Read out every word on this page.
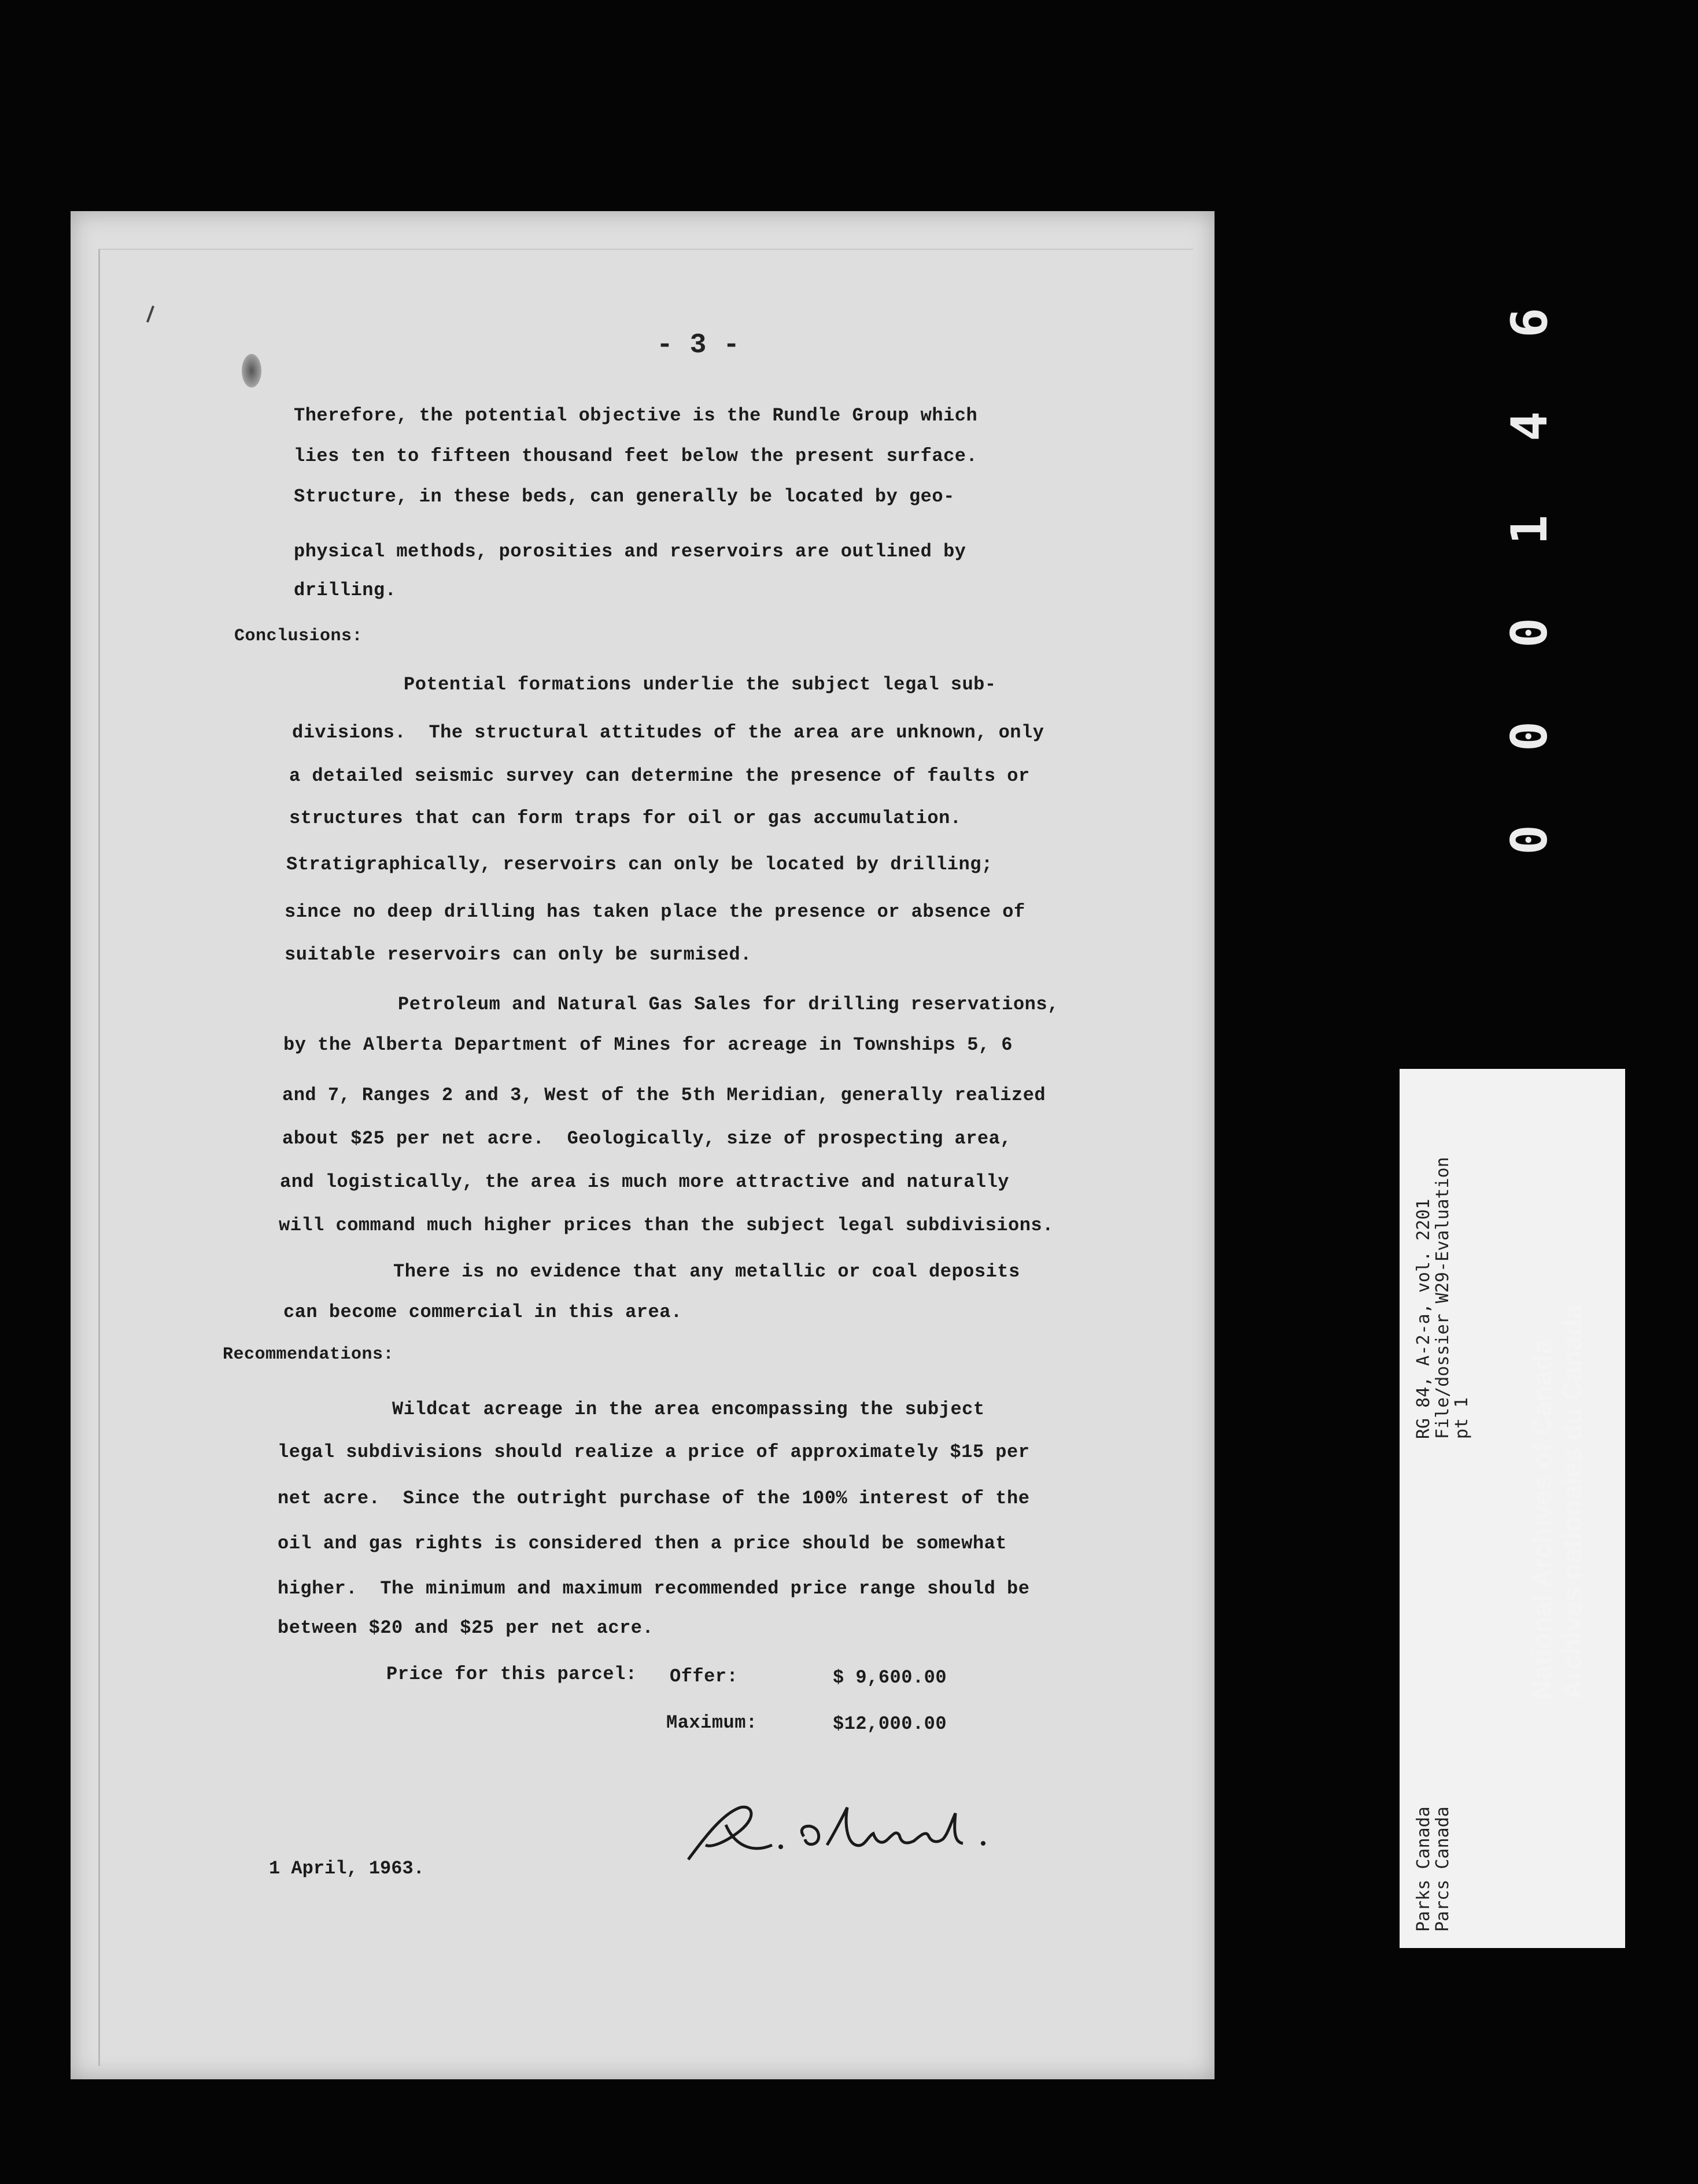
- 3 -
Therefore, the potential objective is the Rundle Group which
lies ten to fifteen thousand feet below the present surface.
Structure, in these beds, can generally be located by geo-
physical methods, porosities and reservoirs are outlined by
drilling.
Conclusions:
Potential formations underlie the subject legal sub-
divisions.  The structural attitudes of the area are unknown, only
a detailed seismic survey can determine the presence of faults or
structures that can form traps for oil or gas accumulation.
Stratigraphically, reservoirs can only be located by drilling;
since no deep drilling has taken place the presence or absence of
suitable reservoirs can only be surmised.
Petroleum and Natural Gas Sales for drilling reservations,
by the Alberta Department of Mines for acreage in Townships 5, 6
and 7, Ranges 2 and 3, West of the 5th Meridian, generally realized
about $25 per net acre.  Geologically, size of prospecting area,
and logistically, the area is much more attractive and naturally
will command much higher prices than the subject legal subdivisions.
There is no evidence that any metallic or coal deposits
can become commercial in this area.
Recommendations:
Wildcat acreage in the area encompassing the subject
legal subdivisions should realize a price of approximately $15 per
net acre.  Since the outright purchase of the 100% interest of the
oil and gas rights is considered then a price should be somewhat
higher.  The minimum and maximum recommended price range should be
between $20 and $25 per net acre.
Price for this parcel: Offer:	$ 9,600.00
Maximum:	$12,000.00
1 April, 1963.
6
4
1
0
0
0
Parks Canada
Parcs Canada
RG 84, A-2-a, vol. 2201
File/dossier W29-Evaluation
pt 1 National Archives of Canada Archives nationales du Canada
